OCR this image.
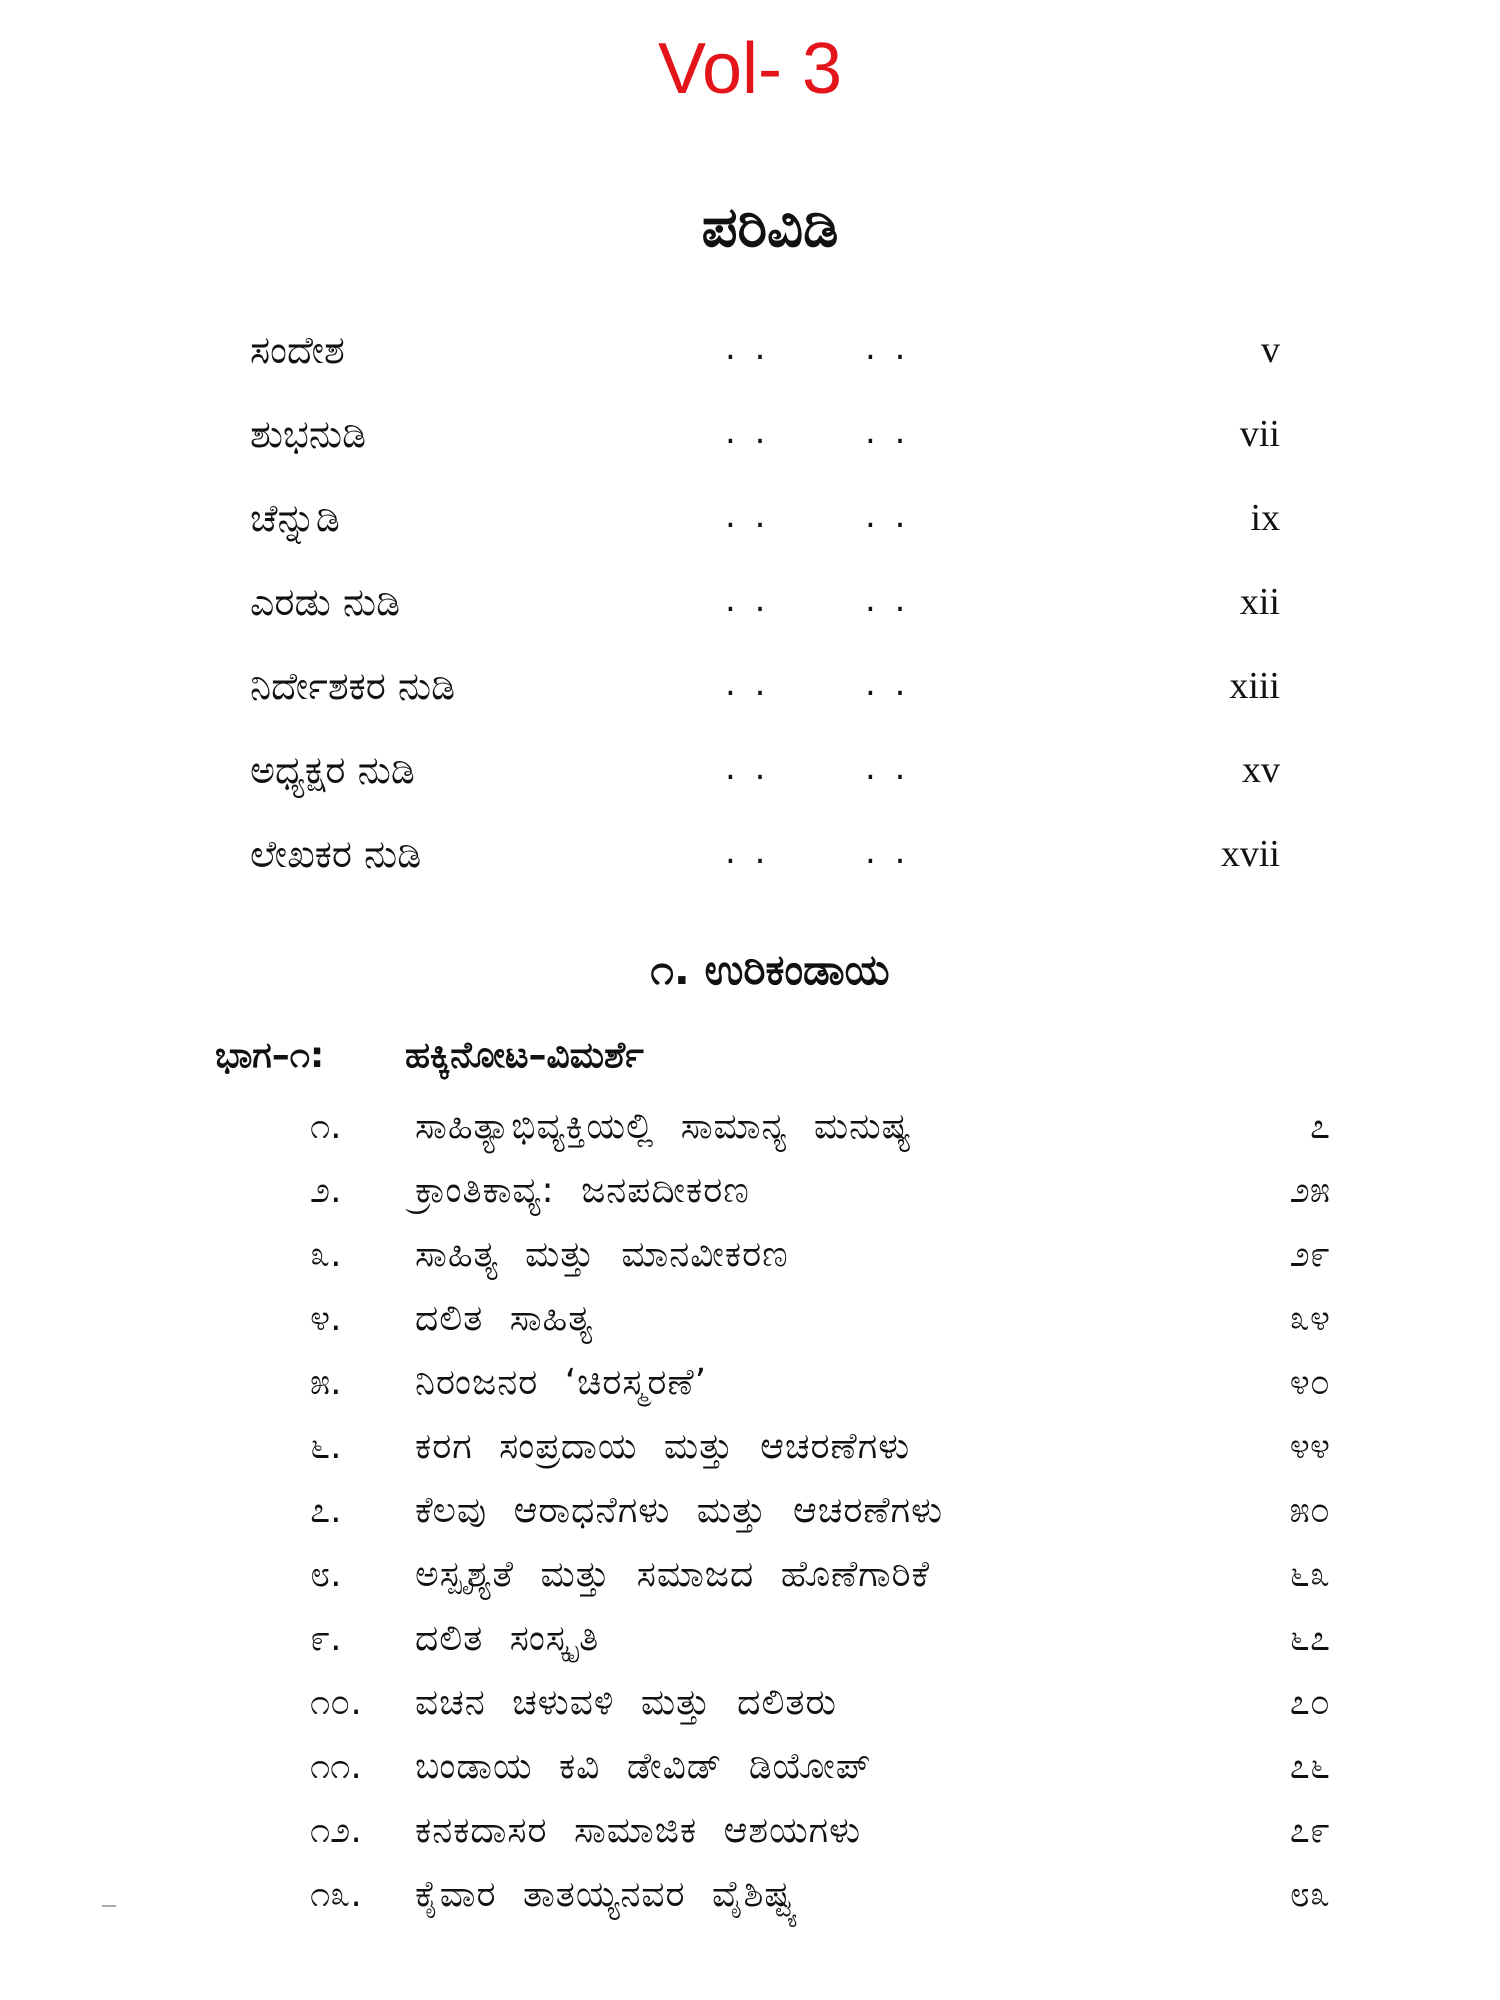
Vol- 3
ಪರಿವಿಡಿ
ಸಂದೇಶ	. .	. .	v
ಶುಭನುಡಿ	. .	. .	vii
ಚೆನ್ನುಡಿ	. .	. .	ix
ಎರಡು ನುಡಿ	. .	. .	xii
ನಿರ್ದೇಶಕರ ನುಡಿ	. .	. .	xiii
ಅಧ್ಯಕ್ಷರ ನುಡಿ	. .	. .	xv
ಲೇಖಕರ ನುಡಿ	. .	. .	xvii
೧. ಉರಿಕಂಡಾಯ
ಭಾಗ–೧: ಹಕ್ಕಿನೋಟ–ವಿಮರ್ಶೆ
೧. ಸಾಹಿತ್ಯಾಭಿವ್ಯಕ್ತಿಯಲ್ಲಿ ಸಾಮಾನ್ಯ ಮನುಷ್ಯ	೭
೨. ಕ್ರಾಂತಿಕಾವ್ಯ: ಜನಪದೀಕರಣ	೨೫
೩. ಸಾಹಿತ್ಯ ಮತ್ತು ಮಾನವೀಕರಣ	೨೯
೪. ದಲಿತ ಸಾಹಿತ್ಯ	೩೪
೫. ನಿರಂಜನರ ‘ಚಿರಸ್ಮರಣೆ’	೪೦
೬. ಕರಗ ಸಂಪ್ರದಾಯ ಮತ್ತು ಆಚರಣೆಗಳು	೪೪
೭. ಕೆಲವು ಆರಾಧನೆಗಳು ಮತ್ತು ಆಚರಣೆಗಳು	೫೦
೮. ಅಸ್ಪೃಶ್ಯತೆ ಮತ್ತು ಸಮಾಜದ ಹೊಣೆಗಾರಿಕೆ	೬೩
೯. ದಲಿತ ಸಂಸ್ಕೃತಿ	೬೭
೧೦. ವಚನ ಚಳುವಳಿ ಮತ್ತು ದಲಿತರು	೭೦
೧೧. ಬಂಡಾಯ ಕವಿ ಡೇವಿಡ್ ಡಿಯೋಪ್	೭೬
೧೨. ಕನಕದಾಸರ ಸಾಮಾಜಿಕ ಆಶಯಗಳು	೭೯
೧೩. ಕೈವಾರ ತಾತಯ್ಯನವರ ವೈಶಿಷ್ಟ್ಯ	೮೩
